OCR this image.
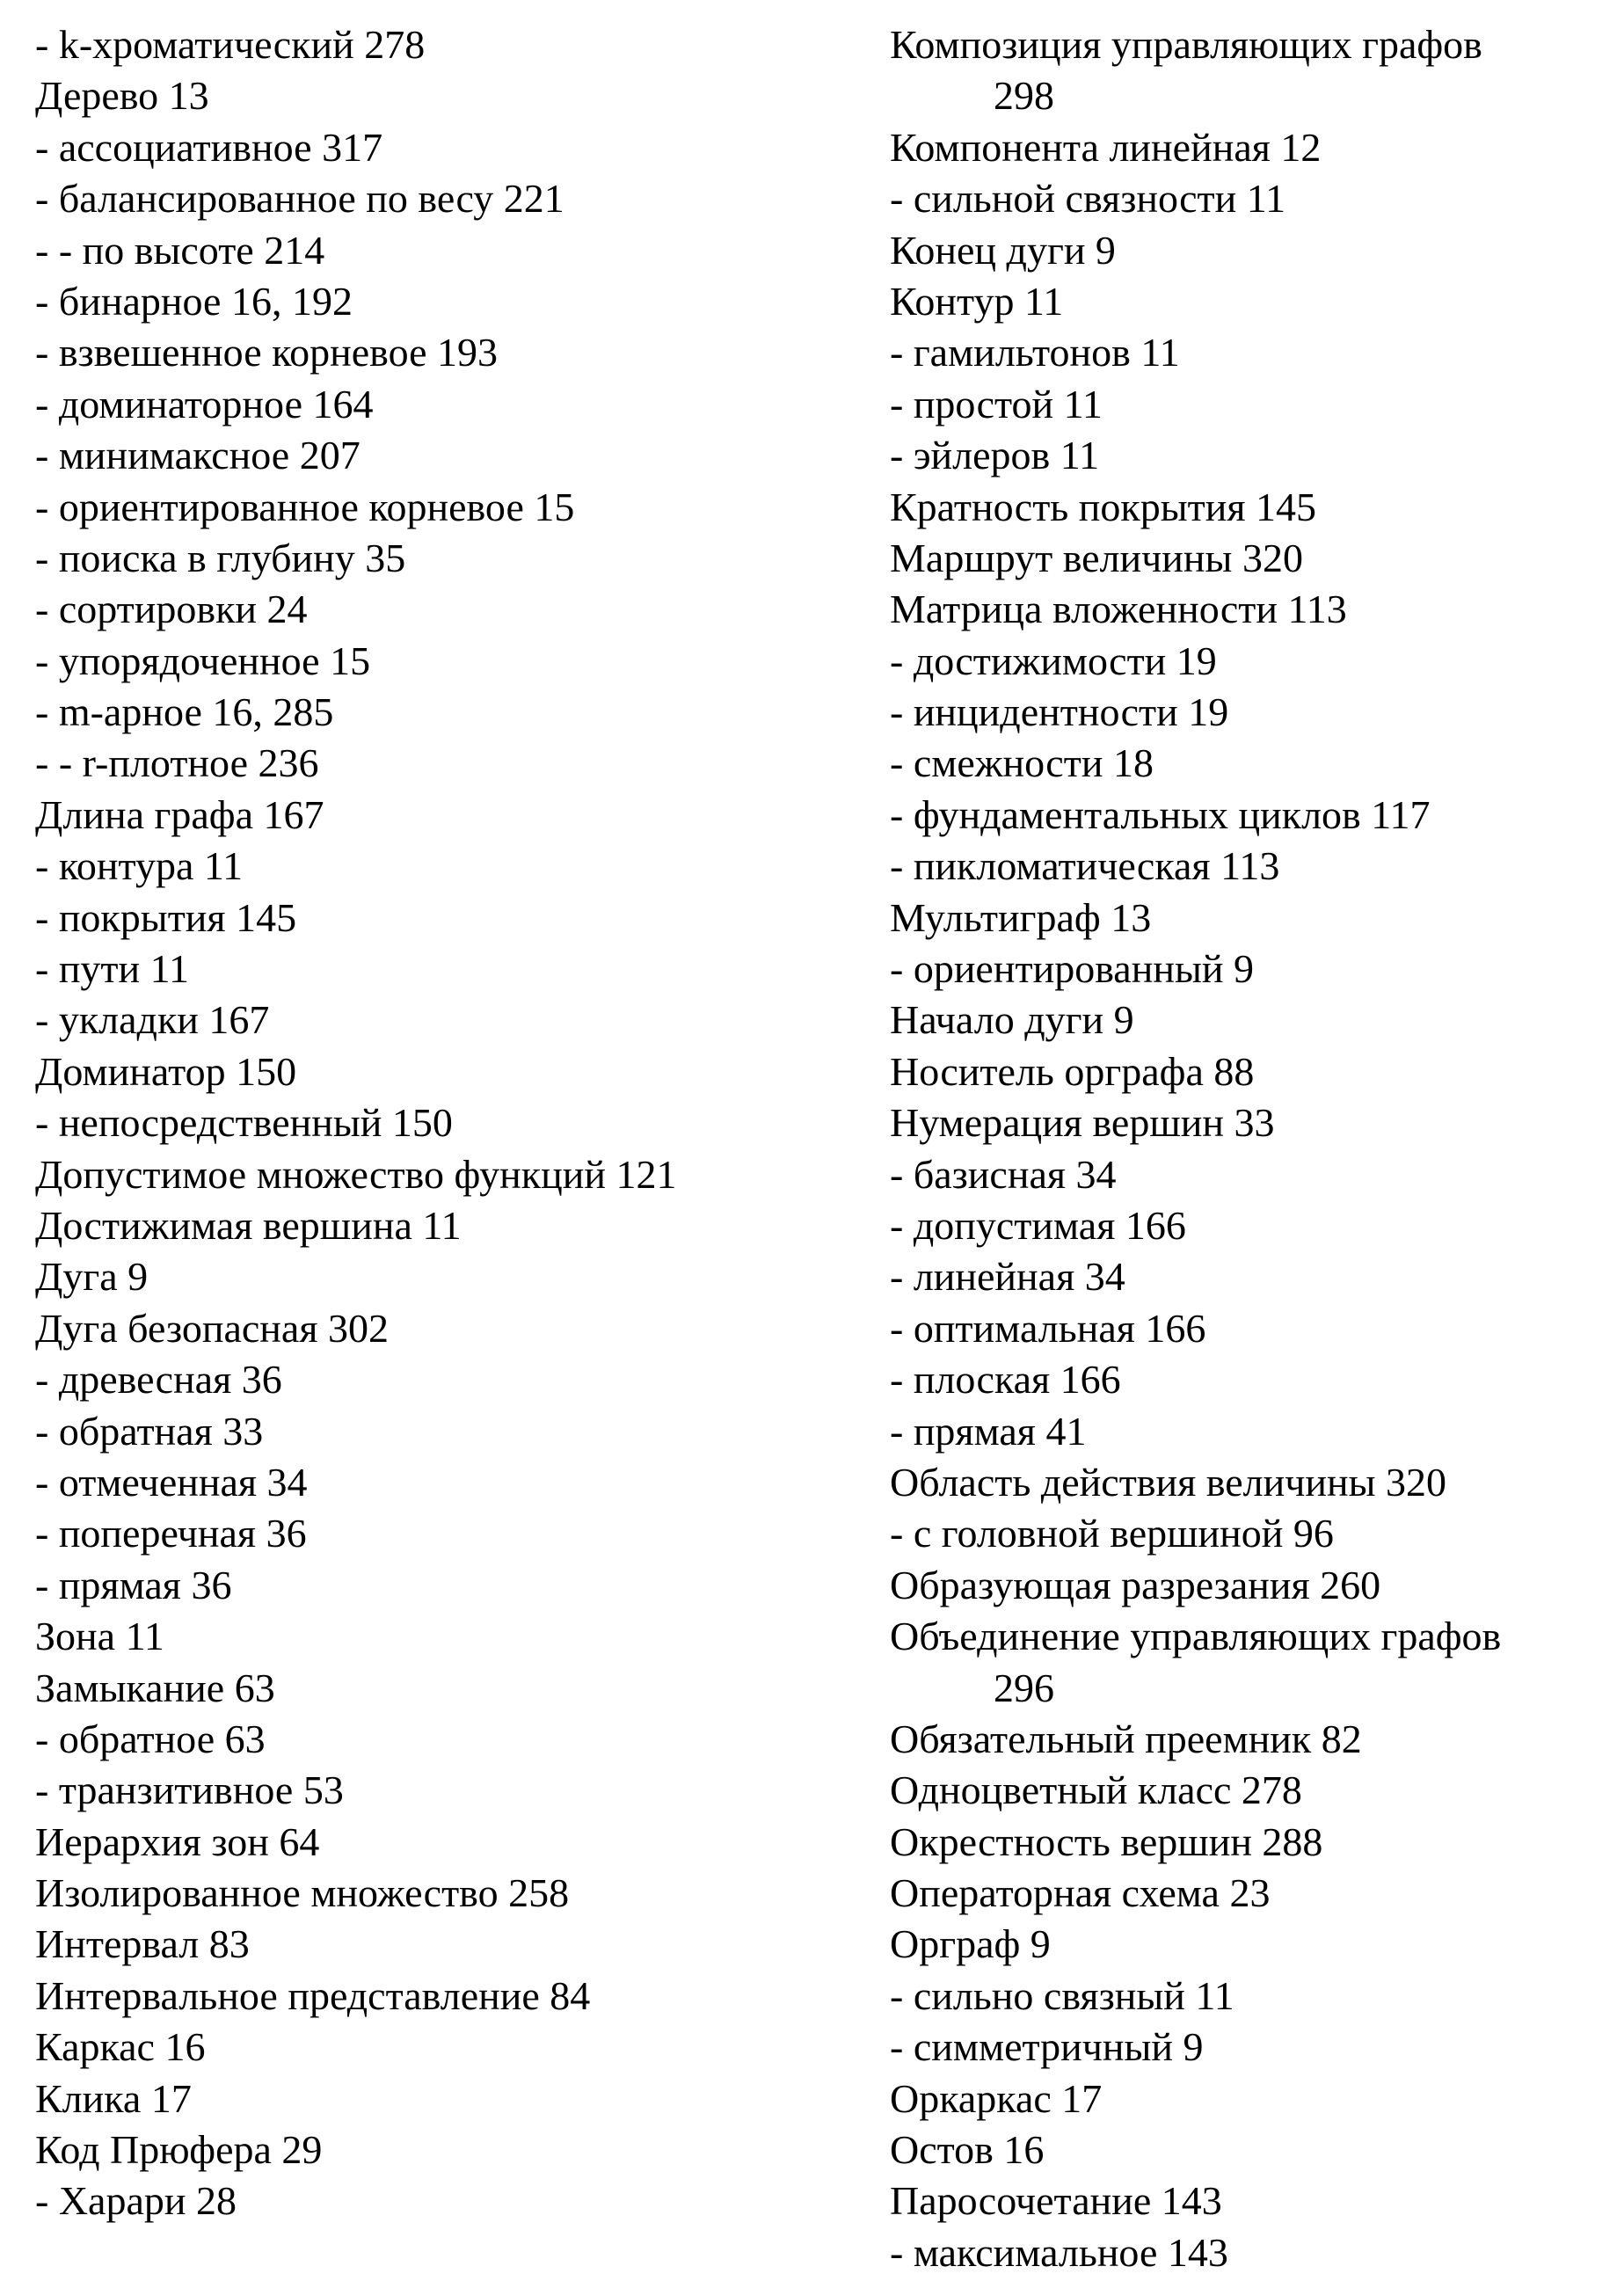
- k-хроматический 278
Дерево 13
- ассоциативное 317
- балансированное по весу 221
- - по высоте 214
- бинарное 16, 192
- взвешенное корневое 193
- доминаторное 164
- минимаксное 207
- ориентированное корневое 15
- поиска в глубину 35
- сортировки 24
- упорядоченное 15
- m-арное 16, 285
- - r-плотное 236
Длина графа 167
- контура 11
- покрытия 145
- пути 11
- укладки 167
Доминатор 150
- непосредственный 150
Допустимое множество функций 121
Достижимая вершина 11
Дуга 9
Дуга безопасная 302
- древесная 36
- обратная 33
- отмеченная 34
- поперечная 36
- прямая 36
Зона 11
Замыкание 63
- обратное 63
- транзитивное 53
Иерархия зон 64
Изолированное множество 258
Интервал 83
Интервальное представление 84
Каркас 16
Клика 17
Код Прюфера 29
- Харари 28
Композиция управляющих графов
298
Компонента линейная 12
- сильной связности 11
Конец дуги 9
Контур 11
- гамильтонов 11
- простой 11
- эйлеров 11
Кратность покрытия 145
Маршрут величины 320
Матрица вложенности 113
- достижимости 19
- инцидентности 19
- смежности 18
- фундаментальных циклов 117
- пикломатическая 113
Мультиграф 13
- ориентированный 9
Начало дуги 9
Носитель орграфа 88
Нумерация вершин 33
- базисная 34
- допустимая 166
- линейная 34
- оптимальная 166
- плоская 166
- прямая 41
Область действия величины 320
- с головной вершиной 96
Образующая разрезания 260
Объединение управляющих графов
296
Обязательный преемник 82
Одноцветный класс 278
Окрестность вершин 288
Операторная схема 23
Орграф 9
- сильно связный 11
- симметричный 9
Оркаркас 17
Остов 16
Паросочетание 143
- максимальное 143
